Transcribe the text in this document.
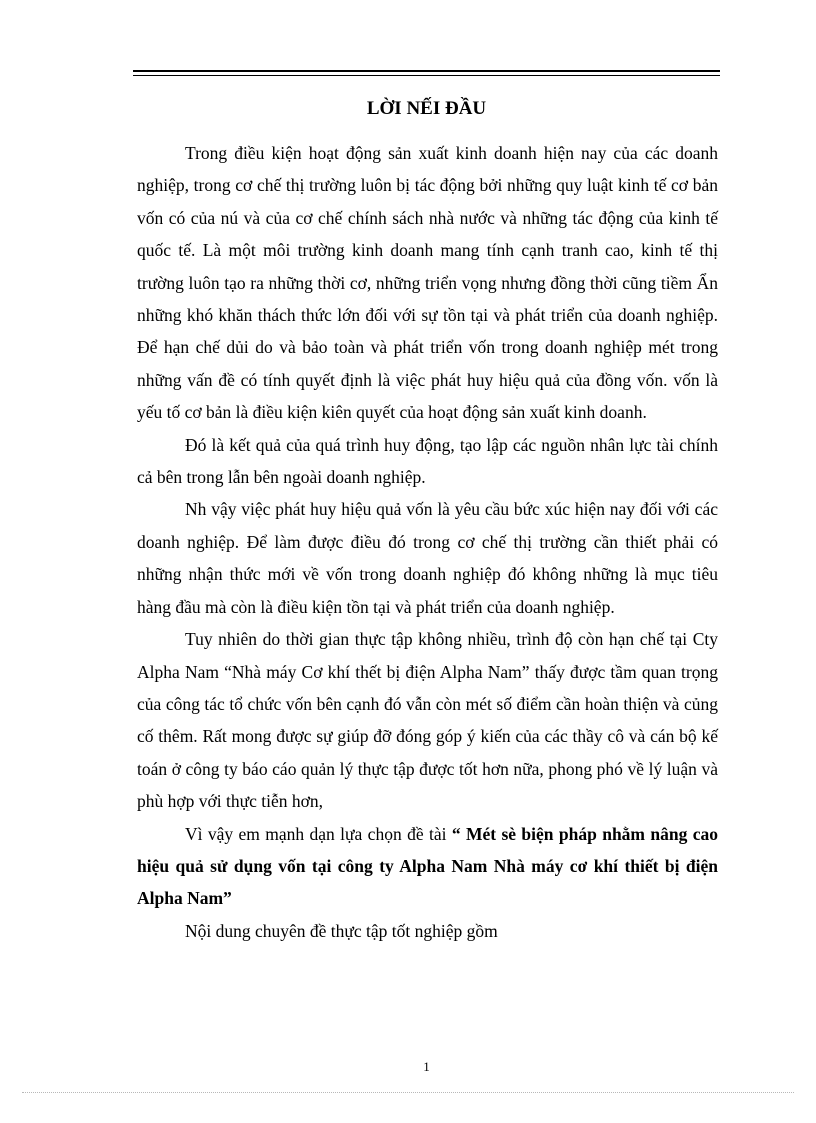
LỜI NẾI ĐẦU

Trong điều kiện hoạt động sản xuất kinh doanh hiện nay của các doanh nghiệp, trong cơ chế thị trường luôn bị tác động bởi những quy luật kinh tế cơ bản vốn có của nú và của cơ chế chính sách nhà nước và những tác động của kinh tế quốc tế. Là một môi trường kinh doanh mang tính cạnh tranh cao, kinh tế thị trường luôn tạo ra những thời cơ, những triển vọng nhưng đồng thời cũng tiềm Ẩn những khó khăn thách thức lớn đối với sự tồn tại và phát triển của doanh nghiệp. Để hạn chế dủi do và bảo toàn và phát triển vốn trong doanh nghiệp mét trong những vấn đề có tính quyết định là việc phát huy hiệu quả của đồng vốn. vốn là yếu tố cơ bản là điều kiện kiên quyết của hoạt động sản xuất kinh doanh.

Đó là kết quả của quá trình huy động, tạo lập các nguồn nhân lực tài chính cả bên trong lẫn bên ngoài doanh nghiệp.

Nh vậy việc phát huy hiệu quả vốn là yêu cầu bức xúc hiện nay đối với các doanh nghiệp. Để làm được điều đó trong cơ chế thị trường cần thiết phải có những nhận thức mới về vốn trong doanh nghiệp đó không những là mục tiêu hàng đầu mà còn là điều kiện tồn tại và phát triển của doanh nghiệp.

Tuy nhiên do thời gian thực tập không nhiều, trình độ còn hạn chế tại Cty Alpha Nam “Nhà máy Cơ khí thết bị điện Alpha Nam” thấy được tầm quan trọng của công tác tổ chức vốn bên cạnh đó vẫn còn mét số điểm cần hoàn thiện và củng cố thêm. Rất mong được sự giúp đỡ đóng góp ý kiến của các thầy cô và cán bộ kế toán ở công ty báo cáo quản lý thực tập được tốt hơn nữa, phong phó về lý luận và phù hợp với thực tiễn hơn,

Vì vậy em mạnh dạn lựa chọn đề tài “ Mét sè biện pháp nhằm nâng cao hiệu quả sử dụng vốn tại công ty Alpha Nam Nhà máy cơ khí thiết bị điện Alpha Nam”

Nội dung chuyên đề thực tập tốt nghiệp gồm

1
